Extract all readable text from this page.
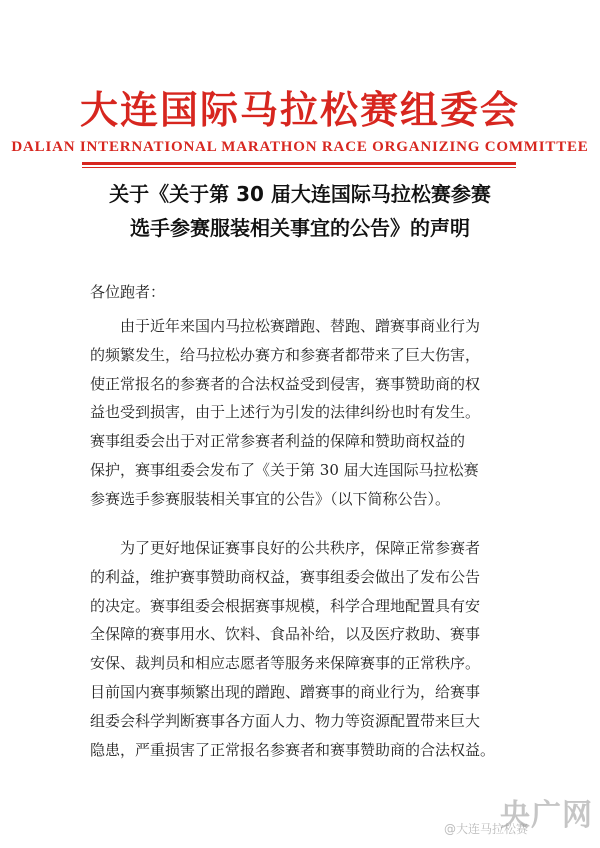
大连国际马拉松赛组委会
DALIAN INTERNATIONAL MARATHON RACE ORGANIZING COMMITTEE
关于《关于第 30 届大连国际马拉松赛参赛
选手参赛服装相关事宜的公告》的声明
各位跑者：
由于近年来国内马拉松赛蹭跑、替跑、蹭赛事商业行为
的频繁发生，给马拉松办赛方和参赛者都带来了巨大伤害，
使正常报名的参赛者的合法权益受到侵害，赛事赞助商的权
益也受到损害，由于上述行为引发的法律纠纷也时有发生。
赛事组委会出于对正常参赛者利益的保障和赞助商权益的
保护，赛事组委会发布了《关于第 30 届大连国际马拉松赛
参赛选手参赛服装相关事宜的公告》（以下简称公告）。
为了更好地保证赛事良好的公共秩序，保障正常参赛者
的利益，维护赛事赞助商权益，赛事组委会做出了发布公告
的决定。赛事组委会根据赛事规模，科学合理地配置具有安
全保障的赛事用水、饮料、食品补给，以及医疗救助、赛事
安保、裁判员和相应志愿者等服务来保障赛事的正常秩序。
目前国内赛事频繁出现的蹭跑、蹭赛事的商业行为，给赛事
组委会科学判断赛事各方面人力、物力等资源配置带来巨大
隐患，严重损害了正常报名参赛者和赛事赞助商的合法权益。
@大连马拉松赛
央广网
